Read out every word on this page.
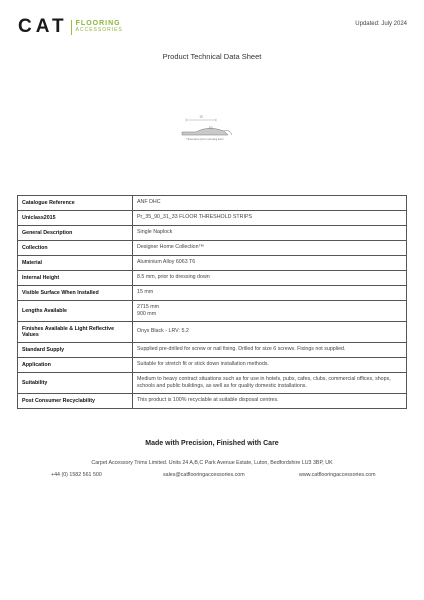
CAT FLOORING
ACCESSORIES
Updated: July 2024
Product Technical Data Sheet
15
8.5
*dimensions prior to dressing down
Catalogue Reference	ANF DHC
Uniclass2015	Pr_35_90_31_33 FLOOR THRESHOLD STRIPS
General Description	Single Naplock
Collection	Designer Home Collection™
Material	Aluminium Alloy 6063 T6
Internal Height	8.5 mm, prior to dressing down
Visible Surface When Installed	15 mm
Lengths Available	2715 mm
900 mm

Finishes Available & Light Reflective Values	Onyx Black - LRV: 5.2
Standard Supply	Supplied pre-drilled for screw or nail fixing. Drilled for size 6 screws. Fixings not supplied.
Application	Suitable for stretch fit or stick down installation methods.
Suitability	Medium to heavy contract situations such as for use in hotels, pubs, cafes, clubs, commercial offices, shops, schools and public buildings, as well as for quality domestic installations.
Post Consumer Recyclability	This product is 100% recyclable at suitable disposal centres.
Made with Precision, Finished with Care
Carpet Accessory Trims Limited. Units 24 A,B,C Park Avenue Estate, Luton, Bedfordshire LU3 3BP, UK
+44 (0) 1582 561 500	sales@catflooringaccessories.com	www.catflooringaccessories.com
